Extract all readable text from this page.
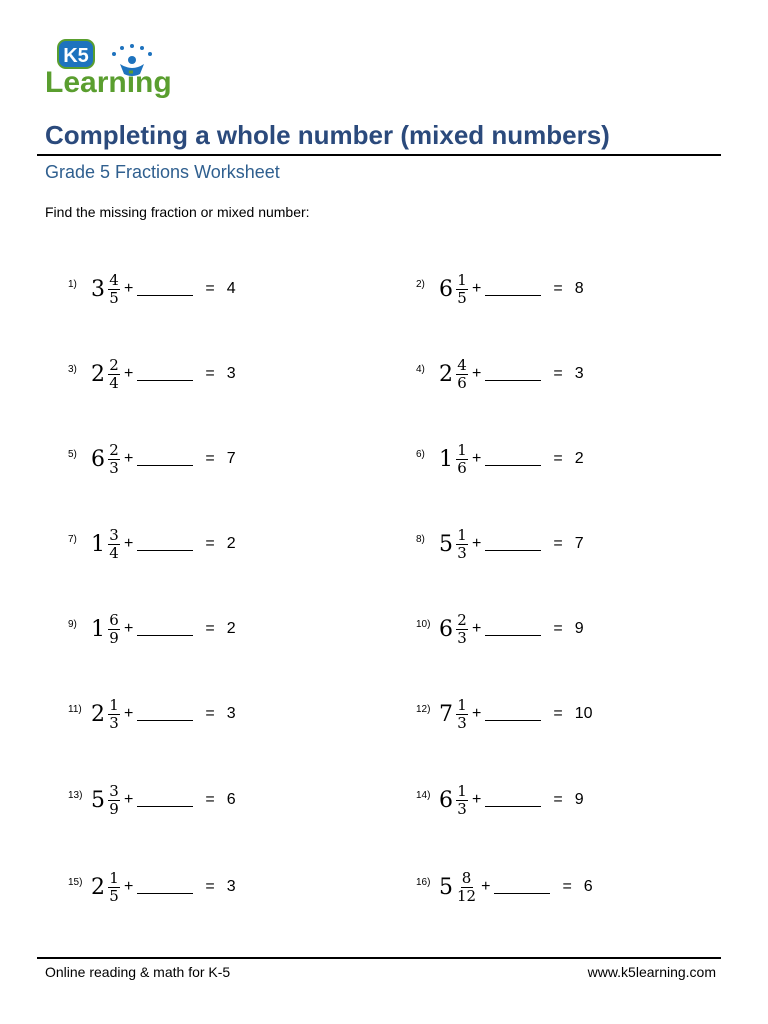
K5
Learning
Completing a whole number (mixed numbers)
Grade 5 Fractions Worksheet
Find the missing fraction or mixed number:
1) $3 \frac{4}{5}$ +	= 4	2) $6 \frac{1}{5}$ +	= 8
3) $2 \frac{2}{4}$ +	= 3	4) $2 \frac{4}{6}$ +	= 3
5) $6 \frac{2}{3}$ +	= 7	6) $1 \frac{1}{6}$ +	= 2
7) $1 \frac{3}{4}$ +	= 2	8) $5 \frac{1}{3}$ +	= 7
9) $1 \frac{6}{9}$ +	= 2	10) $6 \frac{2}{3}$ +	= 9
11) $2 \frac{1}{3}$ +	= 3	12) $7 \frac{1}{3}$ +	= 10
13) $5 \frac{3}{9}$ +	= 6	14) $6 \frac{1}{3}$ +	= 9
15) $2 \frac{1}{5}$ +	= 3	16) $5 \frac{8}{12}$ +	= 6
Online reading & math for K-5	www.k5learning.com
